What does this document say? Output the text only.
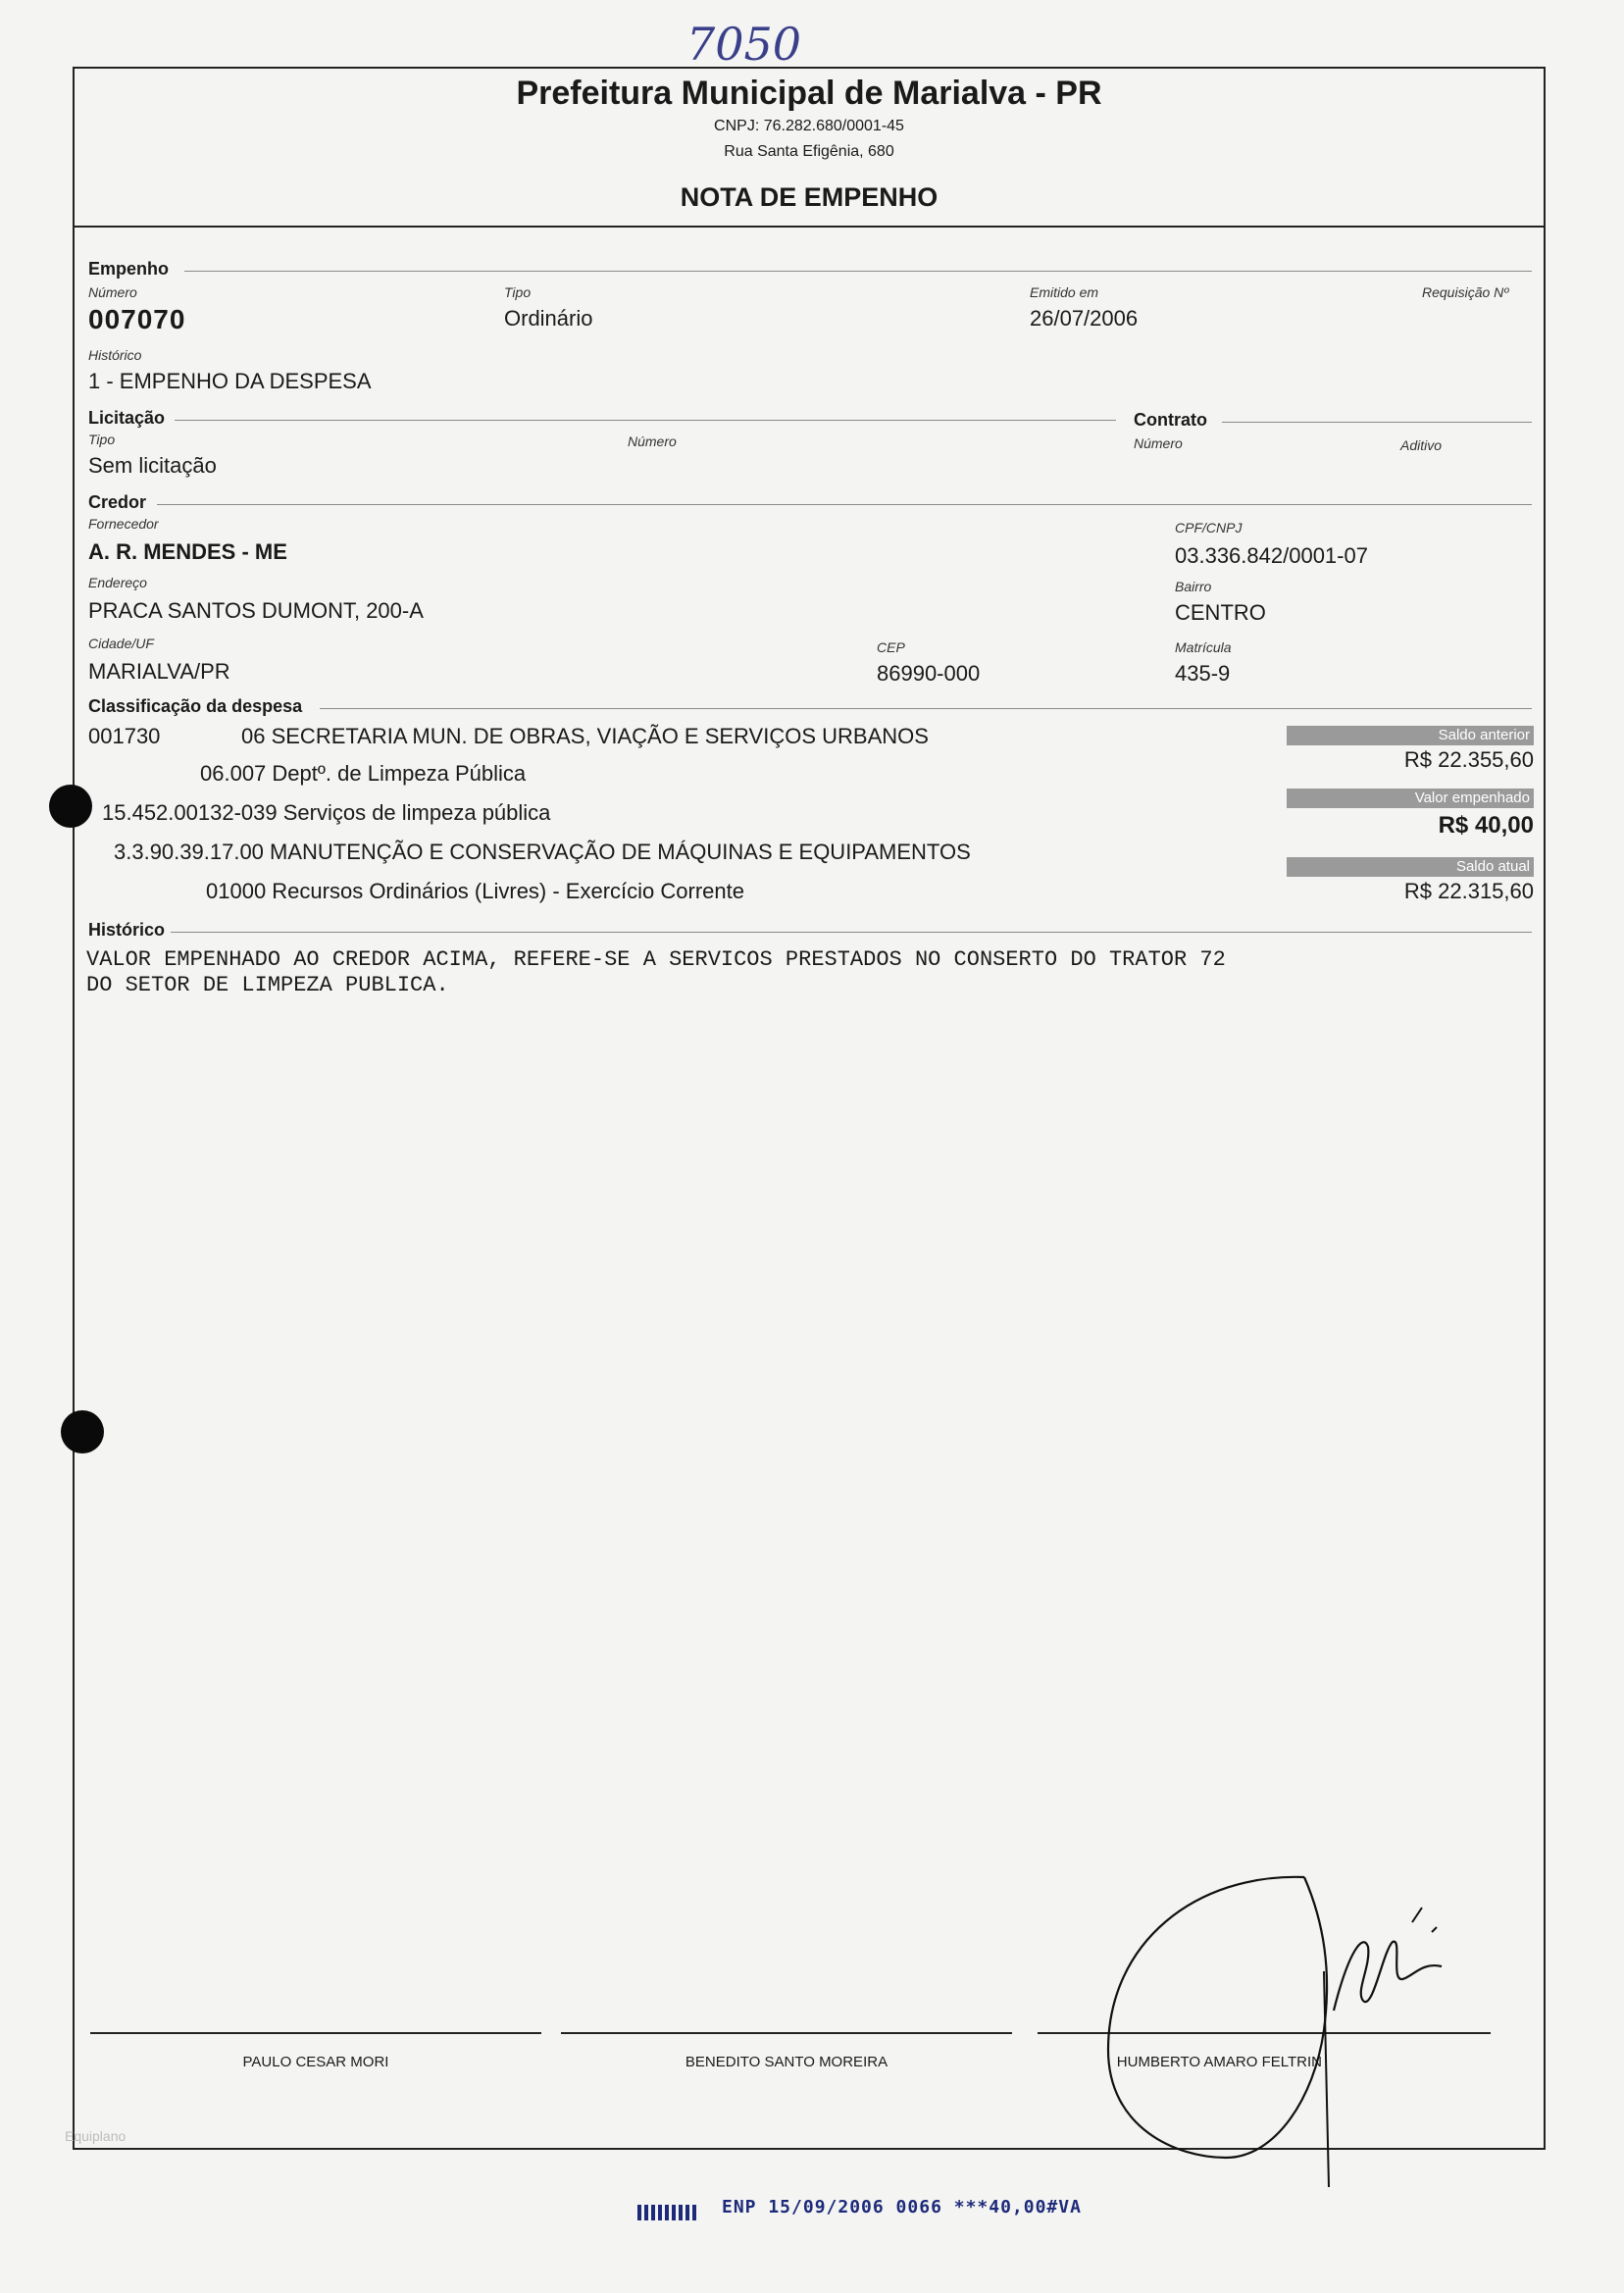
7050
Prefeitura Municipal de Marialva - PR
CNPJ: 76.282.680/0001-45
Rua Santa Efigênia, 680
NOTA DE EMPENHO
Empenho
Número
007070
Tipo
Ordinário
Emitido em
26/07/2006
Requisição Nº
Histórico
1 - EMPENHO DA DESPESA
Licitação	Contrato
Tipo
Sem licitação
Número	Número	Aditivo
Credor
Fornecedor
A. R. MENDES - ME
CPF/CNPJ
03.336.842/0001-07
Endereço
PRACA SANTOS DUMONT, 200-A
Bairro
CENTRO
Cidade/UF
MARIALVA/PR
CEP
86990-000
Matrícula
435-9
Classificação da despesa
001730	06 SECRETARIA MUN. DE OBRAS, VIAÇÃO E SERVIÇOS URBANOS
06.007 Deptº. de Limpeza Pública
15.452.00132-039 Serviços de limpeza pública
3.3.90.39.17.00 MANUTENÇÃO E CONSERVAÇÃO DE MÁQUINAS E EQUIPAMENTOS
01000 Recursos Ordinários (Livres) - Exercício Corrente
Saldo anterior
R$ 22.355,60
Valor empenhado
R$ 40,00
Saldo atual
R$ 22.315,60
Histórico
VALOR EMPENHADO AO CREDOR ACIMA, REFERE-SE A SERVICOS PRESTADOS NO CONSERTO DO TRATOR 72
DO SETOR DE LIMPEZA PUBLICA.
PAULO CESAR MORI	BENEDITO SANTO MOREIRA	HUMBERTO AMARO FELTRIN
Equiplano
ENP 15/09/2006 0066 ***40,00#VA
